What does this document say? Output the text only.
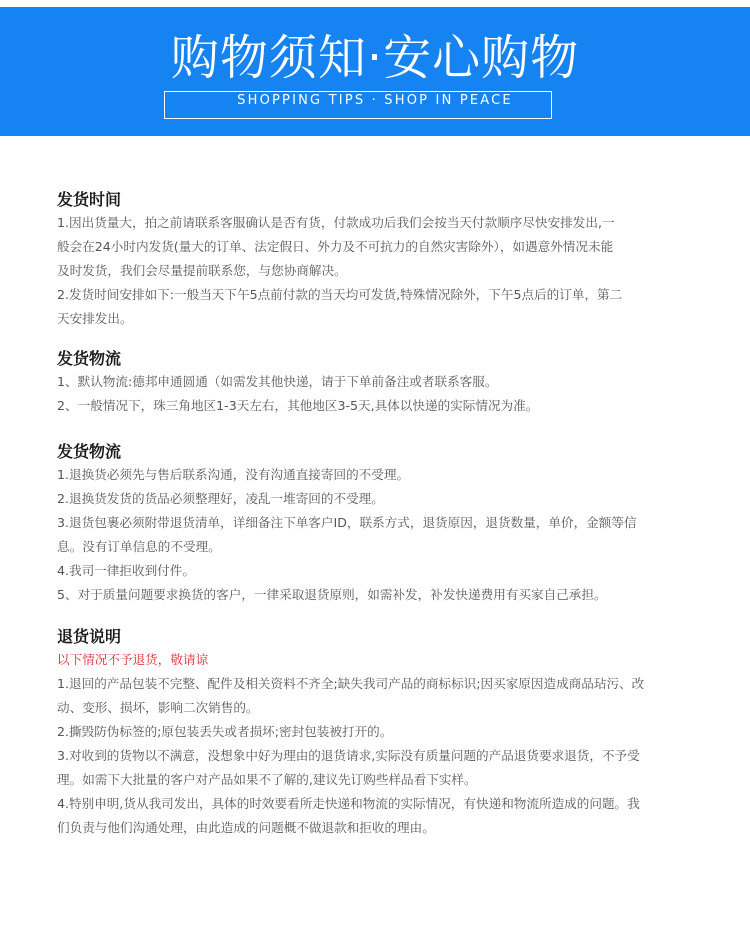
购物须知·安心购物
SHOPPING TIPS · SHOP IN PEACE
发货时间

1.因出货量大，拍之前请联系客服确认是否有货，付款成功后我们会按当天付款顺序尽快安排发出,一
般会在24小时内发货(量大的订单、法定假日、外力及不可抗力的自然灾害除外），如遇意外情况未能
及时发货，我们会尽量提前联系您，与您协商解决。

2.发货时间安排如下:一般当天下午5点前付款的当天均可发货,特殊情况除外，下午5点后的订单，第二
天安排发出。

发货物流

1、默认物流:德邦申通圆通（如需发其他快递，请于下单前备注或者联系客服。

2、一般情况下，珠三角地区1-3天左右，其他地区3-5天,具体以快递的实际情况为准。

发货物流

1.退换货必须先与售后联系沟通，没有沟通直接寄回的不受理。

2.退换货发货的货品必须整理好，凌乱一堆寄回的不受理。

3.退货包裹必须附带退货清单，详细备注下单客户ID，联系方式，退货原因，退货数量，单价，金额等信
息。没有订单信息的不受理。

4.我司一律拒收到付件。

5、对于质量问题要求换货的客户，一律采取退货原则，如需补发，补发快递费用有买家自己承担。

退货说明

以下情况不予退货，敬请谅

1.退回的产品包装不完整、配件及相关资料不齐全;缺失我司产品的商标标识;因买家原因造成商品玷污、改
动、变形、损坏，影响二次销售的。

2.撕毁防伪标签的;原包装丢失或者损坏;密封包装被打开的。

3.对收到的货物以不满意，没想象中好为理由的退货请求,实际没有质量问题的产品退货要求退货，不予受
理。如需下大批量的客户对产品如果不了解的,建议先订购些样品看下实样。

4.特别申明,货从我司发出，具体的时效要看所走快递和物流的实际情况，有快递和物流所造成的问题。我
们负责与他们沟通处理，由此造成的问题概不做退款和拒收的理由。
